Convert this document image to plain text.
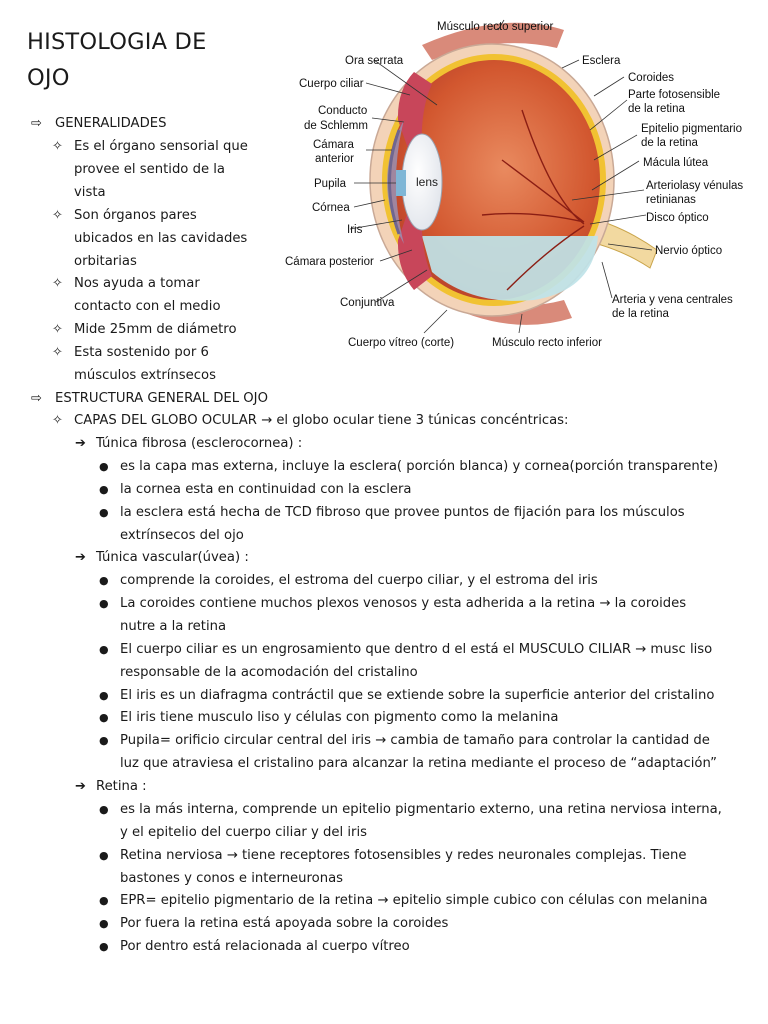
HISTOLOGIA DE
OJO
lens
Ora serrata
Cuerpo ciliar
Conducto
de Schlemm
Cámara
anterior
Pupila
Córnea
Iris
Cámara posterior
Conjuntiva
Cuerpo vítreo (corte)
Músculo recto superior
Esclera
Coroides
Parte fotosensible
de la retina
Epitelio pigmentario
de la retina
Mácula lútea
Arteriolasy vénulas
retinianas
Disco óptico
Nervio óptico
Arteria y vena centrales
de la retina
Músculo recto inferior
⇨ GENERALIDADES
✧ Es el órgano sensorial que
provee el sentido de la
vista
✧ Son órganos pares
ubicados en las cavidades
orbitarias
✧ Nos ayuda a tomar
contacto con el medio
✧ Mide 25mm de diámetro
✧ Esta sostenido por 6
músculos extrínsecos
⇨ ESTRUCTURA GENERAL DEL OJO
✧ CAPAS DEL GLOBO OCULAR → el globo ocular tiene 3 túnicas concéntricas:
➔ Túnica fibrosa (esclerocornea) :
● es la capa mas externa, incluye la esclera( porción blanca) y cornea(porción transparente)
● la cornea esta en continuidad con la esclera
● la esclera está hecha de TCD fibroso que provee puntos de fijación para los músculos
extrínsecos del ojo
➔ Túnica vascular(úvea) :
● comprende la coroides, el estroma del cuerpo ciliar, y el estroma del iris
● La coroides contiene muchos plexos venosos y esta adherida a la retina → la coroides
nutre a la retina
● El cuerpo ciliar es un engrosamiento que dentro d el está el MUSCULO CILIAR → musc liso
responsable de la acomodación del cristalino
● El iris es un diafragma contráctil que se extiende sobre la superficie anterior del cristalino
● El iris tiene musculo liso y células con pigmento como la melanina
● Pupila= orificio circular central del iris → cambia de tamaño para controlar la cantidad de
luz que atraviesa el cristalino para alcanzar la retina mediante el proceso de “adaptación”
➔ Retina :
● es la más interna, comprende un epitelio pigmentario externo, una retina nerviosa interna,
y el epitelio del cuerpo ciliar y del iris
● Retina nerviosa → tiene receptores fotosensibles y redes neuronales complejas. Tiene
bastones y conos e interneuronas
● EPR= epitelio pigmentario de la retina → epitelio simple cubico con células con melanina
● Por fuera la retina está apoyada sobre la coroides
● Por dentro está relacionada al cuerpo vítreo
